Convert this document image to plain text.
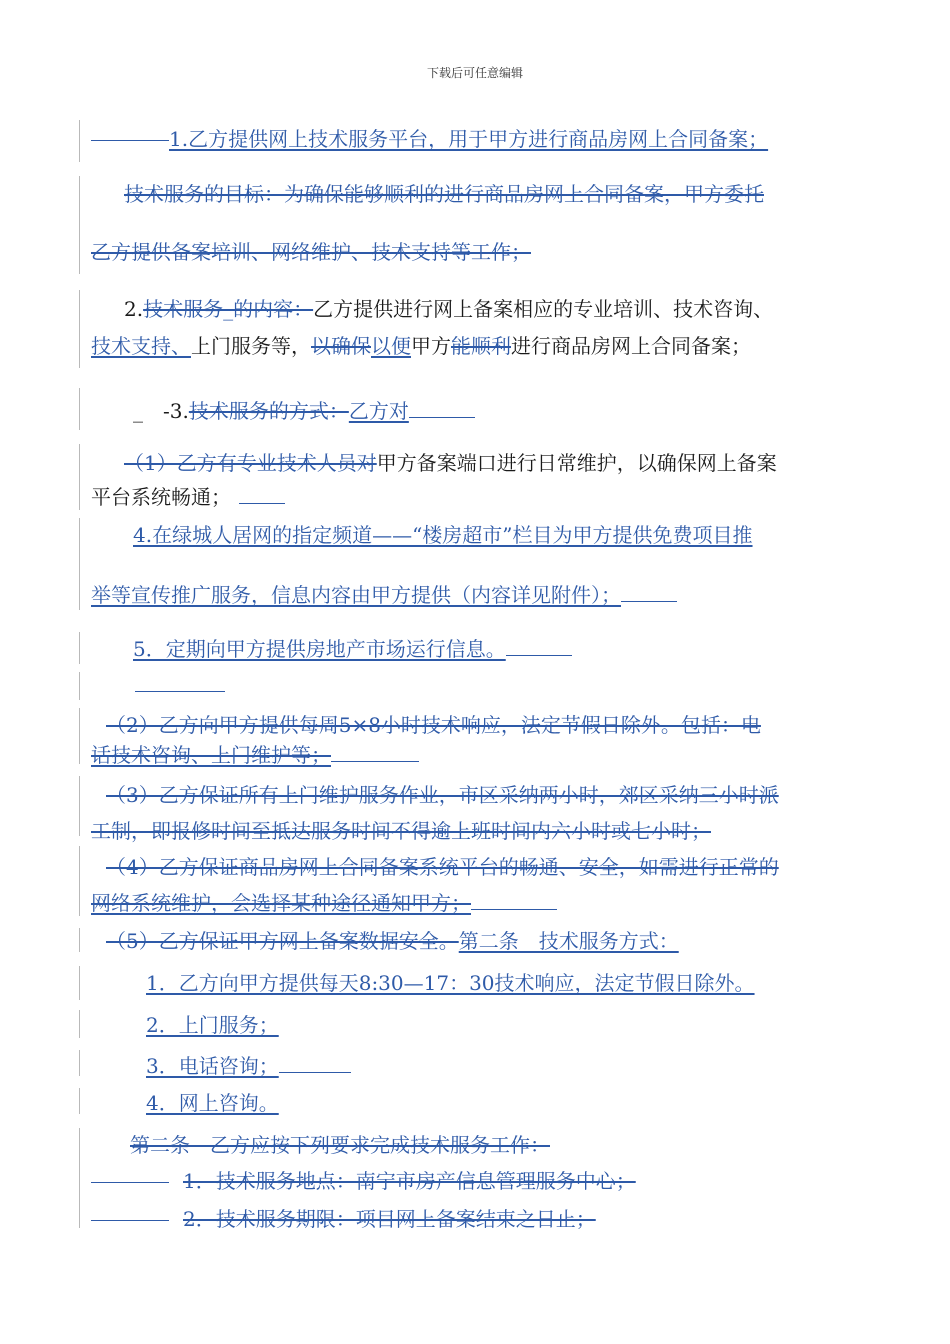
下载后可任意编辑
1.乙方提供网上技术服务平台，用于甲方进行商品房网上合同备案；
技术服务的目标：为确保能够顺利的进行商品房网上合同备案，甲方委托
乙方提供备案培训、网络维护、技术支持等工作；
2.技术服务_的内容：乙方提供进行网上备案相应的专业培训、技术咨询、
技术支持、上门服务等，以确保以便甲方能顺利进行商品房网上合同备案；
_ -3.技术服务的方式：乙方对
（1）乙方有专业技术人员对甲方备案端口进行日常维护，以确保网上备案
平台系统畅通；
4.在绿城人居网的指定频道——“楼房超市”栏目为甲方提供免费项目推
举等宣传推广服务，信息内容由甲方提供（内容详见附件）；
5．定期向甲方提供房地产市场运行信息。
（2）乙方向甲方提供每周5×8小时技术响应，法定节假日除外。包括：电
话技术咨询、上门维护等；
（3）乙方保证所有上门维护服务作业，市区采纳两小时，郊区采纳三小时派
工制，即报修时间至抵达服务时间不得逾上班时间内六小时或七小时；
（4）乙方保证商品房网上合同备案系统平台的畅通、安全，如需进行正常的
网络系统维护，会选择某种途径通知甲方；
（5）乙方保证甲方网上备案数据安全。第二条　技术服务方式：
1．乙方向甲方提供每天8:30—17：30技术响应，法定节假日除外。
2．上门服务；
3．电话咨询；
4．网上咨询。
第二条　乙方应按下列要求完成技术服务工作：
1．技术服务地点：南宁市房产信息管理服务中心；
2．技术服务期限：项目网上备案结束之日止；
